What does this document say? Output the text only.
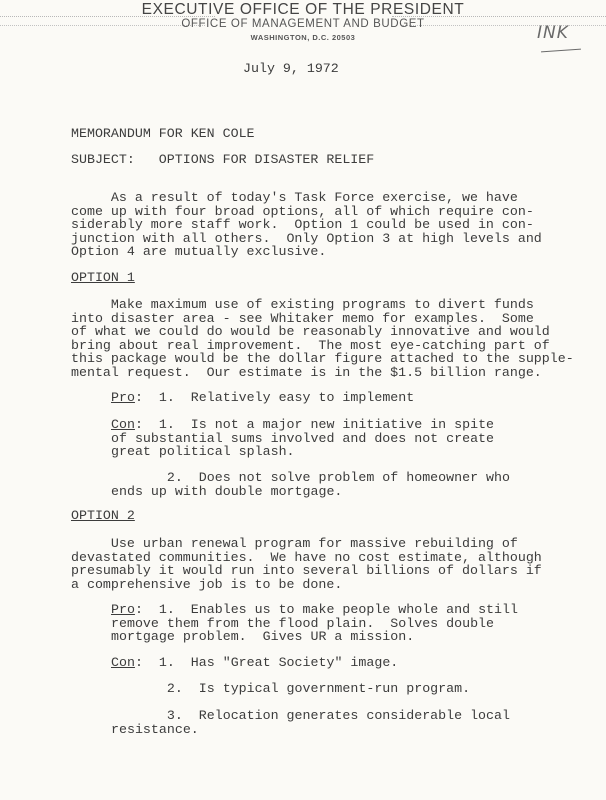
EXECUTIVE OFFICE OF THE PRESIDENT
OFFICE OF MANAGEMENT AND BUDGET
WASHINGTON, D.C. 20503	INK
July 9, 1972
MEMORANDUM FOR KEN COLE
SUBJECT: OPTIONS FOR DISASTER RELIEF
As a result of today's Task Force exercise, we have
come up with four broad options, all of which require con-
siderably more staff work.  Option 1 could be used in con-
junction with all others.  Only Option 3 at high levels and
Option 4 are mutually exclusive.
OPTION 1
Make maximum use of existing programs to divert funds
into disaster area - see Whitaker memo for examples.  Some
of what we could do would be reasonably innovative and would
bring about real improvement.  The most eye-catching part of
this package would be the dollar figure attached to the supple-
mental request.  Our estimate is in the $1.5 billion range.
Pro:  1.  Relatively easy to implement
Con:  1.  Is not a major new initiative in spite
of substantial sums involved and does not create
great political splash.
2.  Does not solve problem of homeowner who
ends up with double mortgage.
OPTION 2
Use urban renewal program for massive rebuilding of
devastated communities.  We have no cost estimate, although
presumably it would run into several billions of dollars if
a comprehensive job is to be done.
Pro:  1.  Enables us to make people whole and still
remove them from the flood plain.  Solves double
mortgage problem.  Gives UR a mission.
Con:  1.  Has "Great Society" image.
2.  Is typical government-run program.
3.  Relocation generates considerable local
resistance.
